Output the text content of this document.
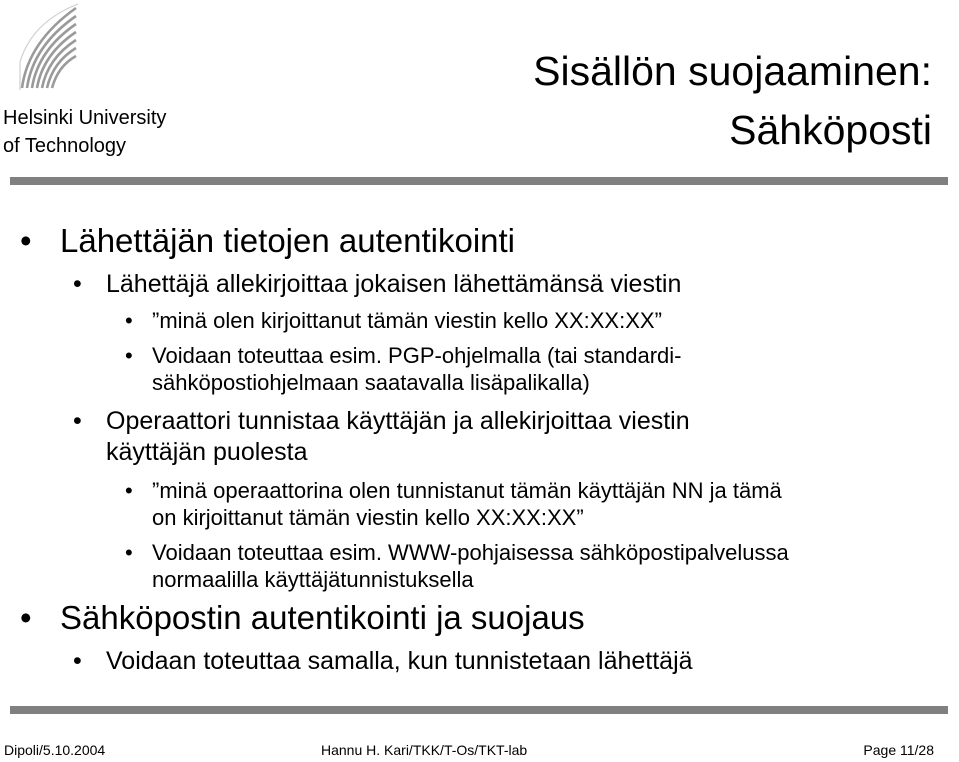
Helsinki University
of Technology
Sisällön suojaaminen:
Sähköposti
• Lähettäjän tietojen autentikointi
• Lähettäjä allekirjoittaa jokaisen lähettämänsä viestin
• ”minä olen kirjoittanut tämän viestin kello XX:XX:XX”
• Voidaan toteuttaa esim. PGP-ohjelmalla (tai standardi-
sähköpostiohjelmaan saatavalla lisäpalikalla)
• Operaattori tunnistaa käyttäjän ja allekirjoittaa viestin
käyttäjän puolesta
• ”minä operaattorina olen tunnistanut tämän käyttäjän NN ja tämä
on kirjoittanut tämän viestin kello XX:XX:XX”
• Voidaan toteuttaa esim. WWW-pohjaisessa sähköpostipalvelussa
normaalilla käyttäjätunnistuksella
• Sähköpostin autentikointi ja suojaus
• Voidaan toteuttaa samalla, kun tunnistetaan lähettäjä
Dipoli/5.10.2004	Hannu H. Kari/TKK/T-Os/TKT-lab	Page 11/28
